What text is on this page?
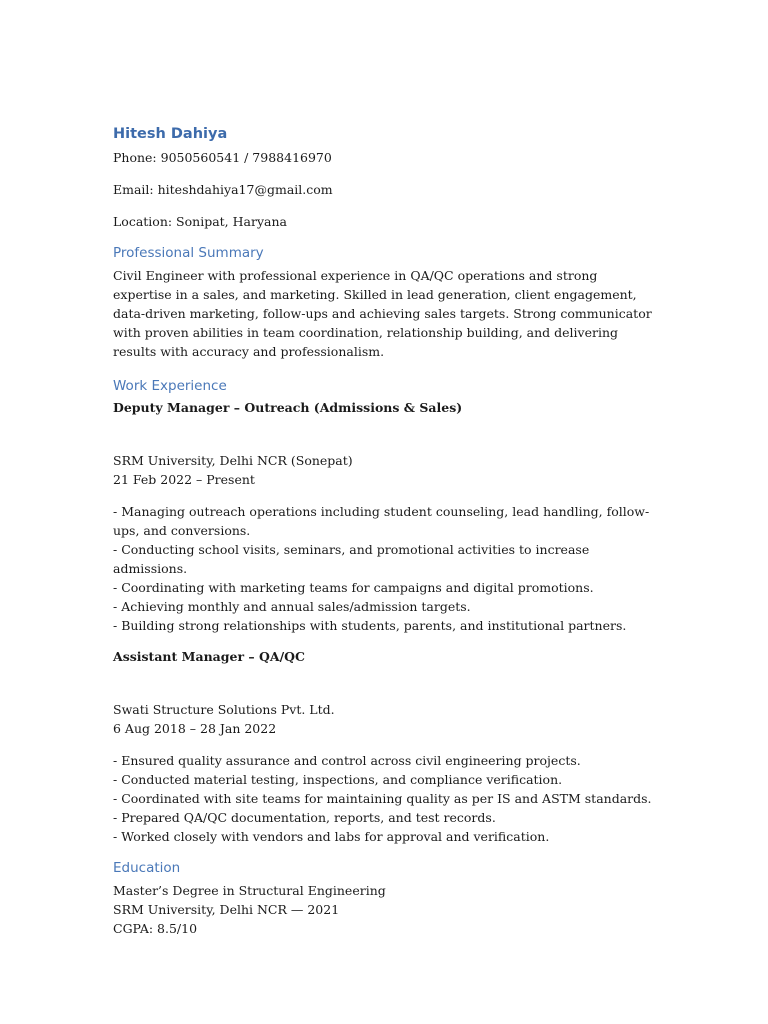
Hitesh Dahiya

Phone: 9050560541 / 7988416970

Email: hiteshdahiya17@gmail.com

Location: Sonipat, Haryana

Professional Summary

Civil Engineer with professional experience in QA/QC operations and strong expertise in a sales, and marketing. Skilled in lead generation, client engagement, data-driven marketing, follow-ups and achieving sales targets. Strong communicator with proven abilities in team coordination, relationship building, and delivering results with accuracy and professionalism.

Work Experience
Deputy Manager – Outreach (Admissions & Sales)

SRM University, Delhi NCR (Sonepat)

21 Feb 2022 – Present

- Managing outreach operations including student counseling, lead handling, follow-ups, and conversions.
- Conducting school visits, seminars, and promotional activities to increase admissions.
- Coordinating with marketing teams for campaigns and digital promotions.
- Achieving monthly and annual sales/admission targets.
- Building strong relationships with students, parents, and institutional partners.
Assistant Manager – QA/QC

Swati Structure Solutions Pvt. Ltd.

6 Aug 2018 – 28 Jan 2022

- Ensured quality assurance and control across civil engineering projects.
- Conducted material testing, inspections, and compliance verification.
- Coordinated with site teams for maintaining quality as per IS and ASTM standards.
- Prepared QA/QC documentation, reports, and test records.
- Worked closely with vendors and labs for approval and verification.
Education

Master’s Degree in Structural Engineering

SRM University, Delhi NCR — 2021

CGPA: 8.5/10
